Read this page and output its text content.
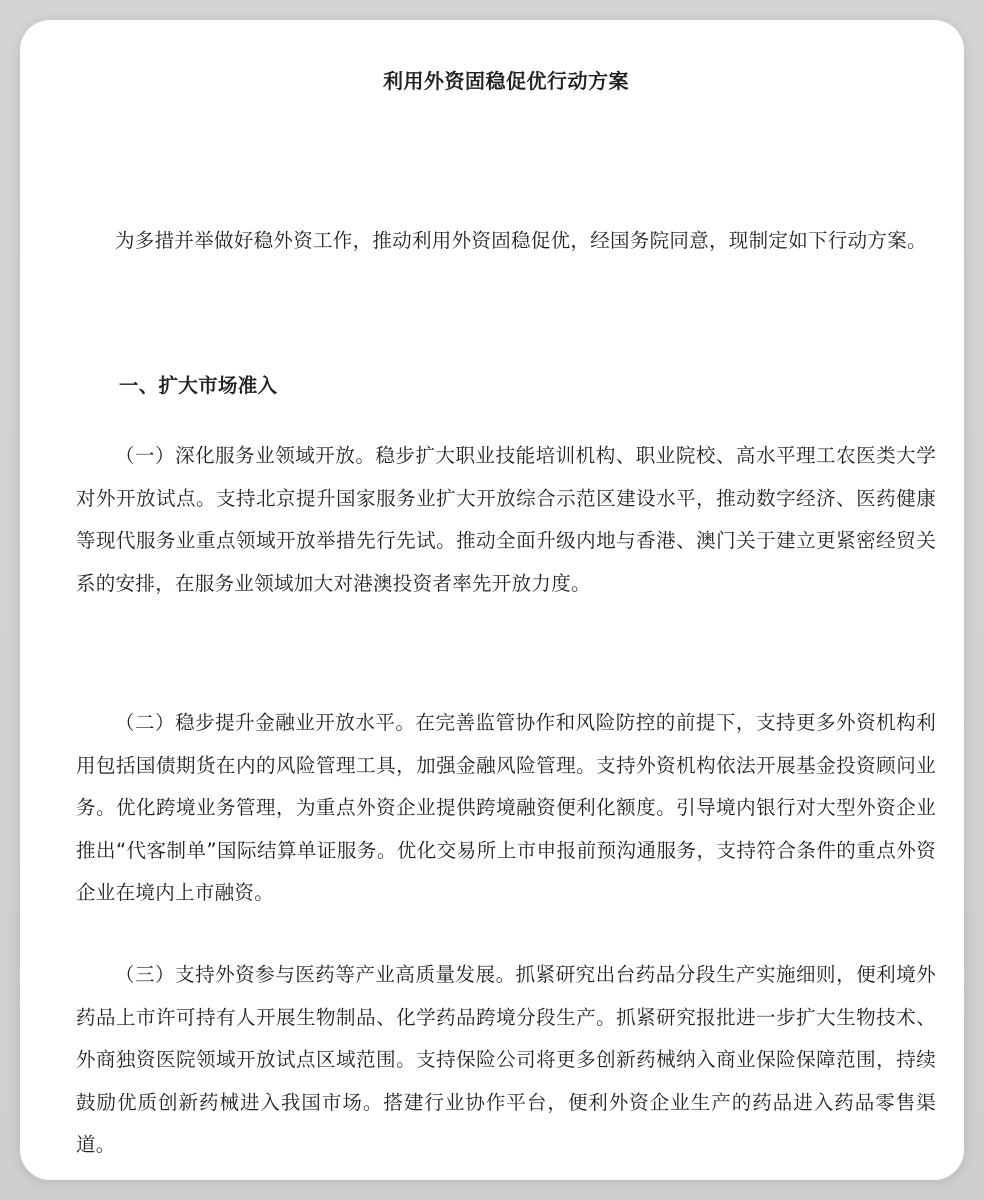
利用外资固稳促优行动方案

为多措并举做好稳外资工作，推动利用外资固稳促优，经国务院同意，现制定如下行动方案。

一、扩大市场准入

（一）深化服务业领域开放。稳步扩大职业技能培训机构、职业院校、高水平理工农医类大学对外开放试点。支持北京提升国家服务业扩大开放综合示范区建设水平，推动数字经济、医药健康等现代服务业重点领域开放举措先行先试。推动全面升级内地与香港、澳门关于建立更紧密经贸关系的安排，在服务业领域加大对港澳投资者率先开放力度。

（二）稳步提升金融业开放水平。在完善监管协作和风险防控的前提下，支持更多外资机构利用包括国债期货在内的风险管理工具，加强金融风险管理。支持外资机构依法开展基金投资顾问业务。优化跨境业务管理，为重点外资企业提供跨境融资便利化额度。引导境内银行对大型外资企业推出“代客制单”国际结算单证服务。优化交易所上市申报前预沟通服务，支持符合条件的重点外资企业在境内上市融资。

（三）支持外资参与医药等产业高质量发展。抓紧研究出台药品分段生产实施细则，便利境外药品上市许可持有人开展生物制品、化学药品跨境分段生产。抓紧研究报批进一步扩大生物技术、外商独资医院领域开放试点区域范围。支持保险公司将更多创新药械纳入商业保险保障范围，持续鼓励优质创新药械进入我国市场。搭建行业协作平台，便利外资企业生产的药品进入药品零售渠道。
